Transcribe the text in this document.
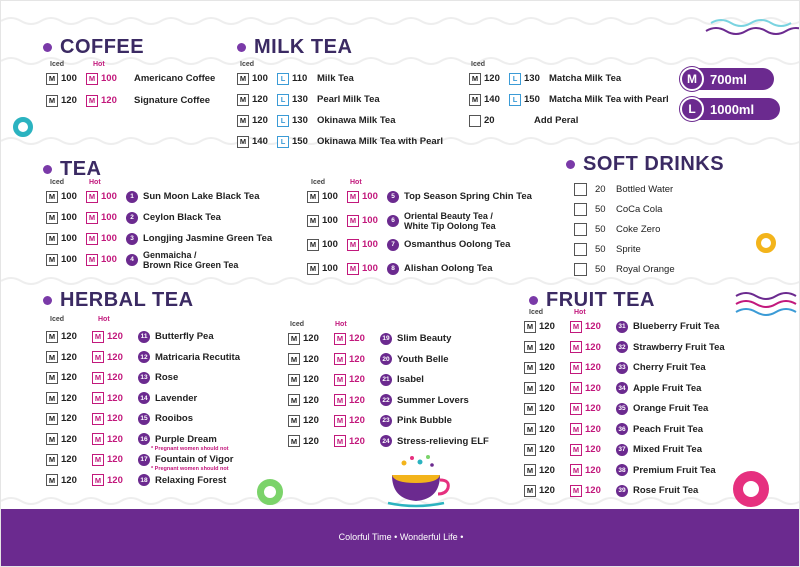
COFFEE
Iced	Hot
M 100	M 100	Americano Coffee
M 120	M 120	Signature Coffee
MILK TEA
Iced
M 100	L 110	Milk Tea
M 120	L 130 Pearl Milk Tea
M 120	L 130 Okinawa Milk Tea
M 140	L 150 Okinawa Milk Tea with Pearl
Iced
M 120	L 130 Matcha Milk Tea
M 140	L 150 Matcha Milk Tea with Pearl
20	Add Peral
M	700ml
L	1000ml
TEA
Iced	Hot
M 100	M 100	1 Sun Moon Lake Black Tea
M 100	M 100	2 Ceylon Black Tea
M 100	M 100	3 Longjing Jasmine Green Tea
M 100	M 100	4	Genmaicha /
Brown Rice Green Tea
Iced	Hot
M 100	M 100	5 Top Season Spring Chin Tea
M 100	M 100	6	Oriental Beauty Tea /
White Tip Oolong Tea
M 100	M 100	7 Osmanthus Oolong Tea
M 100	M 100	8 Alishan Oolong Tea
SOFT DRINKS
20	Bottled Water
50	CoCa Cola
50	Coke Zero
50	Sprite
50	Royal Orange
HERBAL TEA
Iced	Hot
M 120	M 120	11 Butterfly Pea
M 120	M 120	12 Matricaria Recutita
M 120	M 120	13 Rose
M 120	M 120	14 Lavender
M 120	M 120	15 Rooibos
M 120	M 120	16 Purple Dream
* Pregnant women should not
M 120	M 120	17 Fountain of Vigor
* Pregnant women should not
M 120	M 120	18 Relaxing Forest
Iced	Hot
M 120	M 120	19 Slim Beauty
M 120	M 120	20 Youth Belle
M 120	M 120	21 Isabel
M 120	M 120	22 Summer Lovers
M 120	M 120	23 Pink Bubble
M 120	M 120	24 Stress-relieving ELF
FRUIT TEA
Iced	Hot
M 120	M 120	31 Blueberry Fruit Tea
M 120	M 120	32 Strawberry Fruit Tea
M 120	M 120	33 Cherry Fruit Tea
M 120	M 120	34 Apple Fruit Tea
M 120	M 120	35 Orange Fruit Tea
M 120	M 120	36 Peach Fruit Tea
M 120	M 120	37 Mixed Fruit Tea
M 120	M 120	38 Premium Fruit Tea
M 120	M 120	39 Rose Fruit Tea
Colorful Time • Wonderful Life •
